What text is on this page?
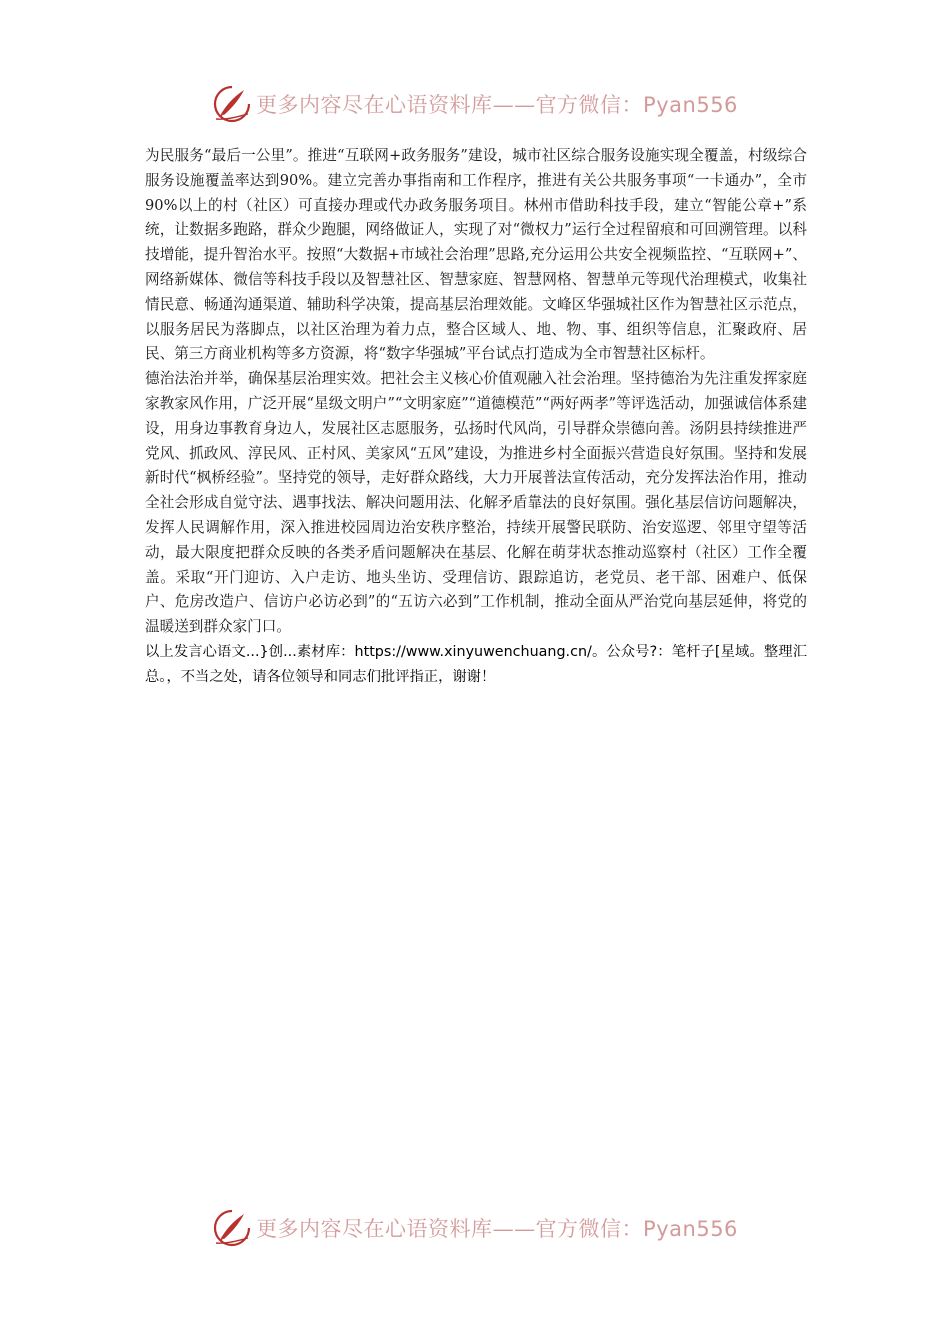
更多内容尽在心语资料库——官方微信：Pyan556

为民服务“最后一公里”。推进“互联网+政务服务”建设，城市社区综合服务设施实现全覆盖，村级综合服务设施覆盖率达到90%。建立完善办事指南和工作程序，推进有关公共服务事项“一卡通办”，全市90%以上的村（社区）可直接办理或代办政务服务项目。林州市借助科技手段，建立“智能公章+”系统，让数据多跑路，群众少跑腿，网络做证人，实现了对“微权力”运行全过程留痕和可回溯管理。以科技增能，提升智治水平。按照“大数据+市域社会治理”思路,充分运用公共安全视频监控、“互联网+”、网络新媒体、微信等科技手段以及智慧社区、智慧家庭、智慧网格、智慧单元等现代治理模式，收集社情民意、畅通沟通渠道、辅助科学决策，提高基层治理效能。文峰区华强城社区作为智慧社区示范点，以服务居民为落脚点，以社区治理为着力点，整合区域人、地、物、事、组织等信息，汇聚政府、居民、第三方商业机构等多方资源，将“数字华强城”平台试点打造成为全市智慧社区标杆。

德治法治并举，确保基层治理实效。把社会主义核心价值观融入社会治理。坚持德治为先注重发挥家庭家教家风作用，广泛开展“星级文明户”“文明家庭”“道德模范”“两好两孝”等评选活动，加强诚信体系建设，用身边事教育身边人，发展社区志愿服务，弘扬时代风尚，引导群众崇德向善。汤阴县持续推进严党风、抓政风、淳民风、正村风、美家风“五风”建设，为推进乡村全面振兴营造良好氛围。坚持和发展新时代“枫桥经验”。坚持党的领导，走好群众路线，大力开展普法宣传活动，充分发挥法治作用，推动全社会形成自觉守法、遇事找法、解决问题用法、化解矛盾靠法的良好氛围。强化基层信访问题解决，发挥人民调解作用，深入推进校园周边治安秩序整治，持续开展警民联防、治安巡逻、邻里守望等活动，最大限度把群众反映的各类矛盾问题解决在基层、化解在萌芽状态推动巡察村（社区）工作全覆盖。采取“开门迎访、入户走访、地头坐访、受理信访、跟踪追访，老党员、老干部、困难户、低保户、危房改造户、信访户必访必到”的“五访六必到”工作机制，推动全面从严治党向基层延伸，将党的温暖送到群众家门口。

以上发言心语文...}创...素材库：https://www.xinyuwenchuang.cn/。公众号?：笔杆子[星域。整理汇总。，不当之处，请各位领导和同志们批评指正，谢谢！

更多内容尽在心语资料库——官方微信：Pyan556
